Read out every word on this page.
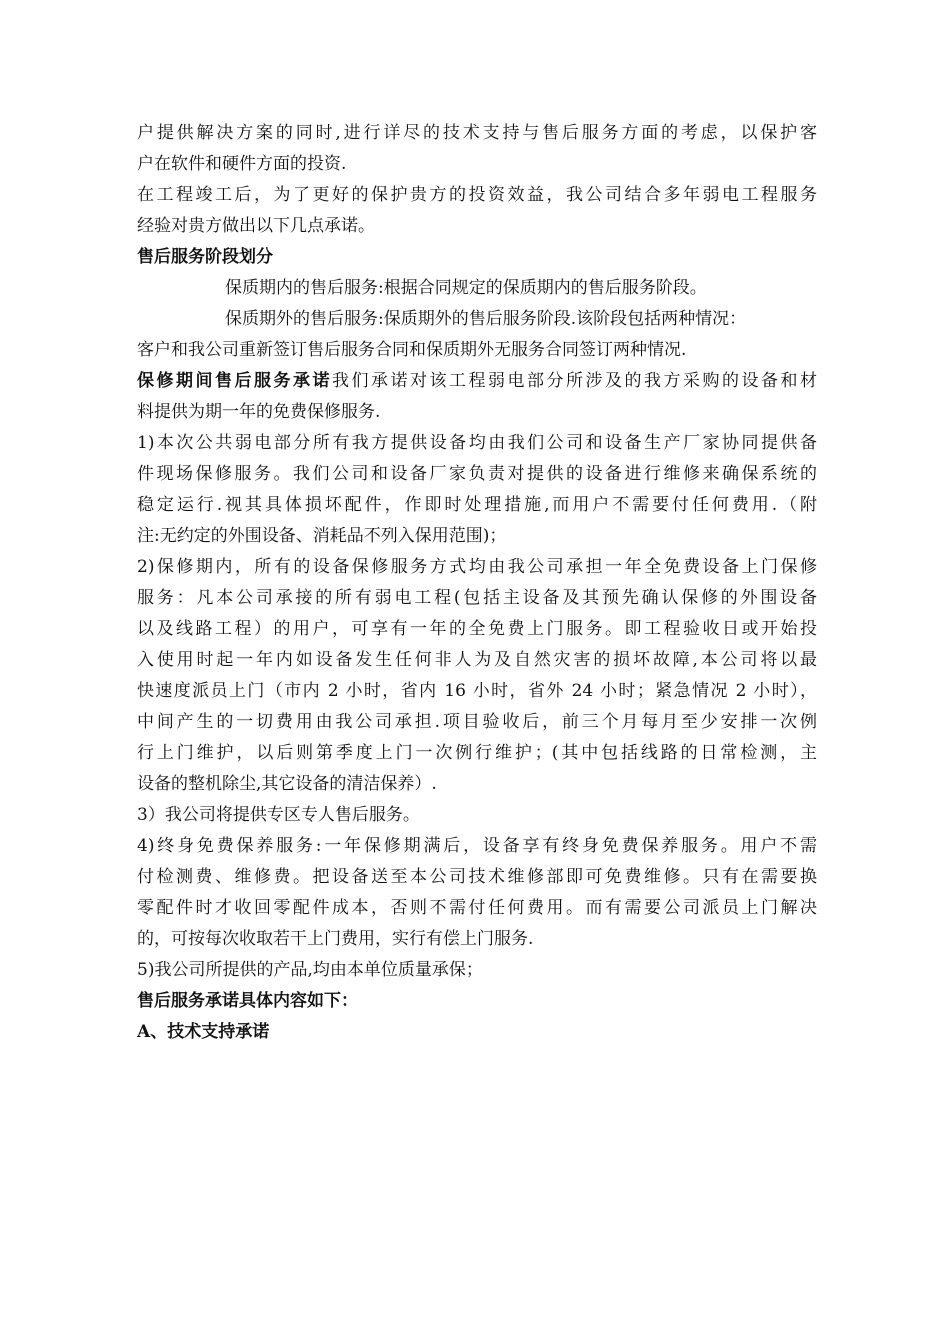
户提供解决方案的同时,进行详尽的技术支持与售后服务方面的考虑，以保护客
户在软件和硬件方面的投资.
在工程竣工后，为了更好的保护贵方的投资效益，我公司结合多年弱电工程服务
经验对贵方做出以下几点承诺。
售后服务阶段划分
保质期内的售后服务:根据合同规定的保质期内的售后服务阶段。
保质期外的售后服务:保质期外的售后服务阶段.该阶段包括两种情况：
客户和我公司重新签订售后服务合同和保质期外无服务合同签订两种情况.
保修期间售后服务承诺我们承诺对该工程弱电部分所涉及的我方采购的设备和材
料提供为期一年的免费保修服务.
1)本次公共弱电部分所有我方提供设备均由我们公司和设备生产厂家协同提供备
件现场保修服务。我们公司和设备厂家负责对提供的设备进行维修来确保系统的
稳定运行.视其具体损坏配件，作即时处理措施,而用户不需要付任何费用.（附
注:无约定的外围设备、消耗品不列入保用范围)；
2)保修期内，所有的设备保修服务方式均由我公司承担一年全免费设备上门保修
服务：凡本公司承接的所有弱电工程(包括主设备及其预先确认保修的外围设备
以及线路工程）的用户，可享有一年的全免费上门服务。即工程验收日或开始投
入使用时起一年内如设备发生任何非人为及自然灾害的损坏故障,本公司将以最
快速度派员上门（市内 2 小时，省内 16 小时，省外 24 小时；紧急情况 2 小时），
中间产生的一切费用由我公司承担.项目验收后，前三个月每月至少安排一次例
行上门维护，以后则第季度上门一次例行维护；(其中包括线路的日常检测，主
设备的整机除尘,其它设备的清洁保养）.
3）我公司将提供专区专人售后服务。
4)终身免费保养服务:一年保修期满后，设备享有终身免费保养服务。用户不需
付检测费、维修费。把设备送至本公司技术维修部即可免费维修。只有在需要换
零配件时才收回零配件成本，否则不需付任何费用。而有需要公司派员上门解决
的，可按每次收取若干上门费用，实行有偿上门服务.
5)我公司所提供的产品,均由本单位质量承保；
售后服务承诺具体内容如下：
A、技术支持承诺
